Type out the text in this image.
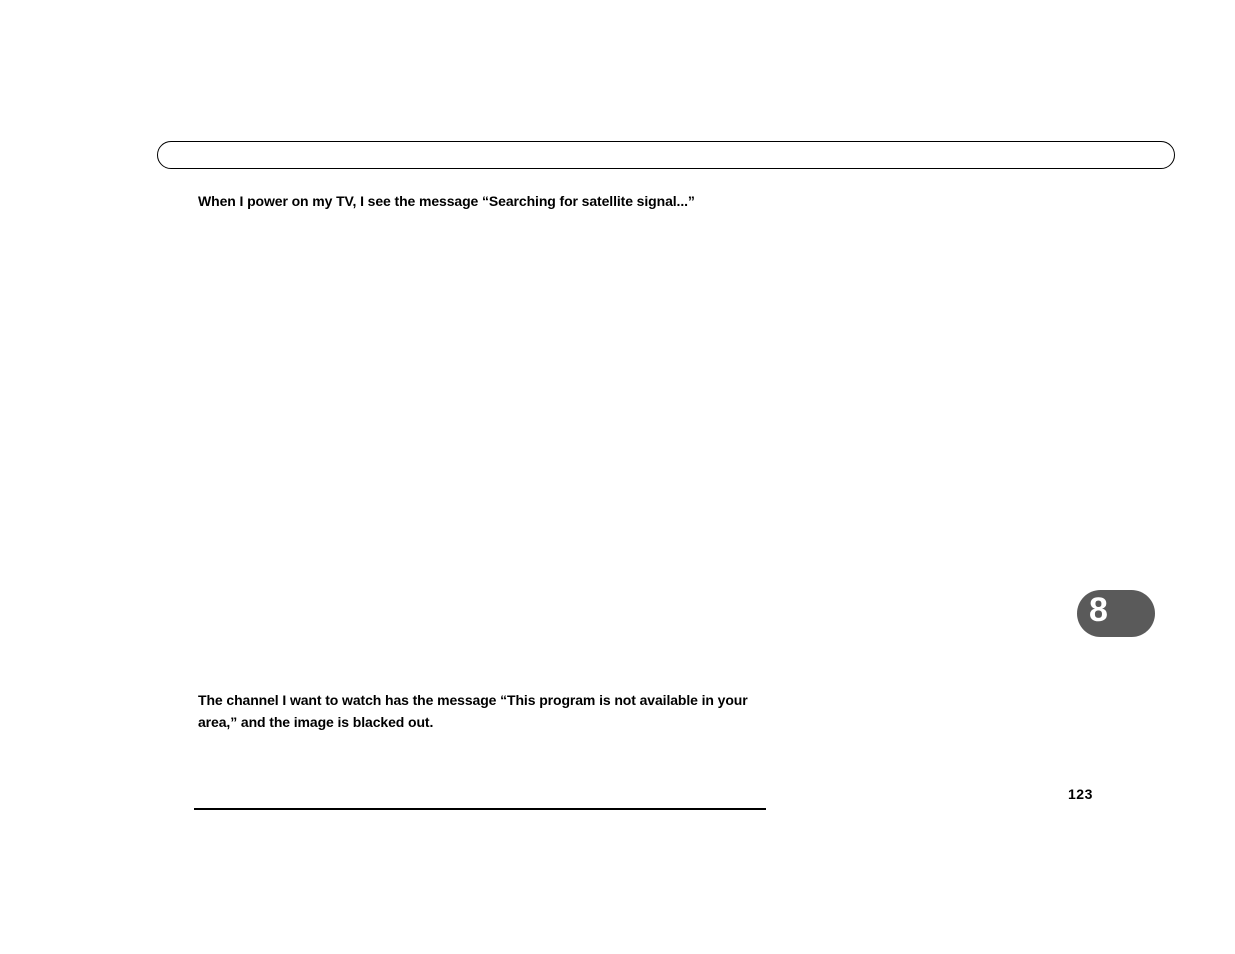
When I power on my TV, I see the message “Searching for satellite signal...”
8
The channel I want to watch has the message “This program is not available in your area,” and the image is blacked out.
123
